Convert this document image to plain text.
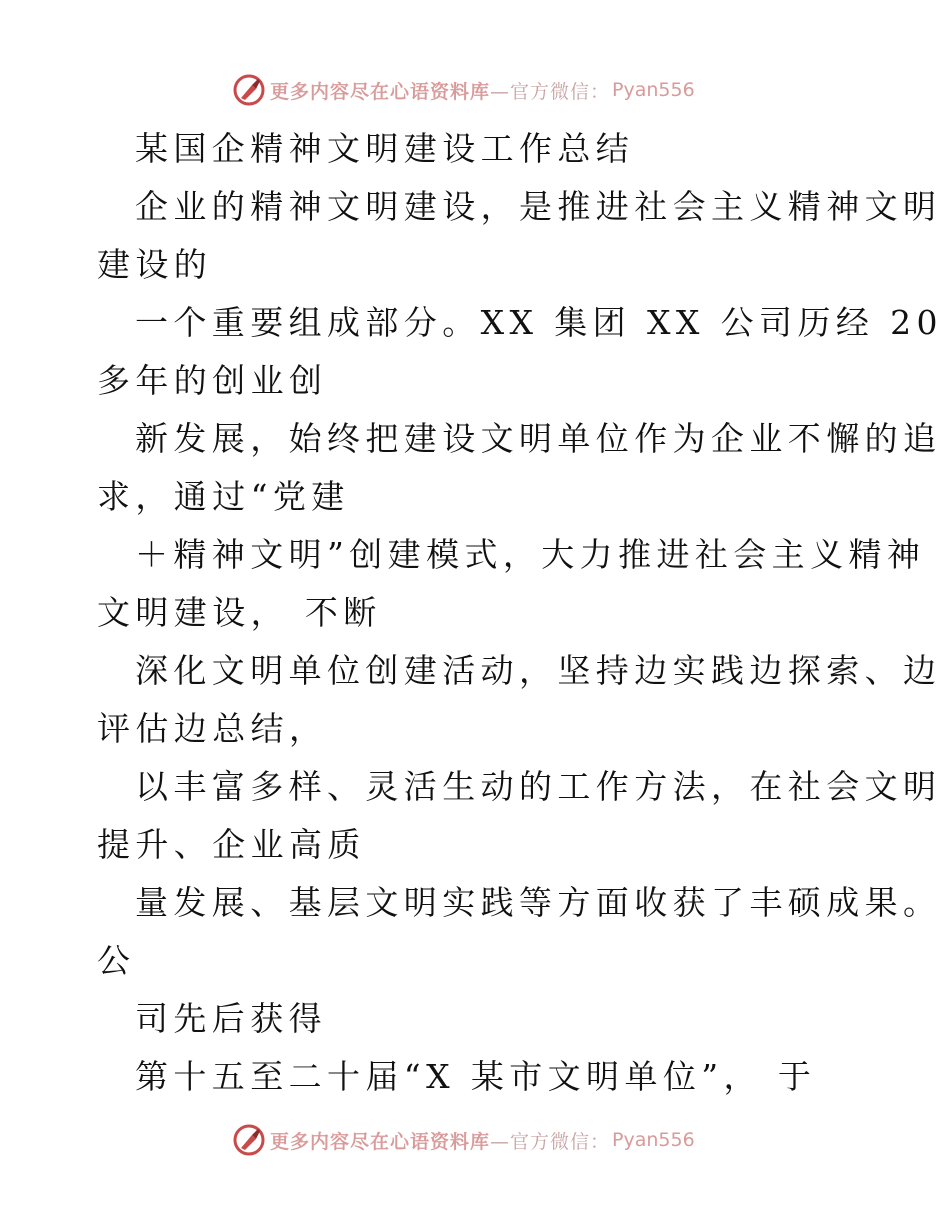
更多内容尽在心语资料库 —官方微信： Pyan556
某国企精神文明建设工作总结
企业的精神文明建设，是推进社会主义精神文明
建设的
一个重要组成部分。XX 集团 XX 公司历经 20
多年的创业创
新发展，始终把建设文明单位作为企业不懈的追
求，通过“党建
＋精神文明”创建模式，大力推进社会主义精神
文明建设， 不断
深化文明单位创建活动，坚持边实践边探索、边
评估边总结，
以丰富多样、灵活生动的工作方法，在社会文明
提升、企业高质
量发展、基层文明实践等方面收获了丰硕成果。
公
司先后获得
第十五至二十届“X 某市文明单位”， 于
更多内容尽在心语资料库 —官方微信： Pyan556
